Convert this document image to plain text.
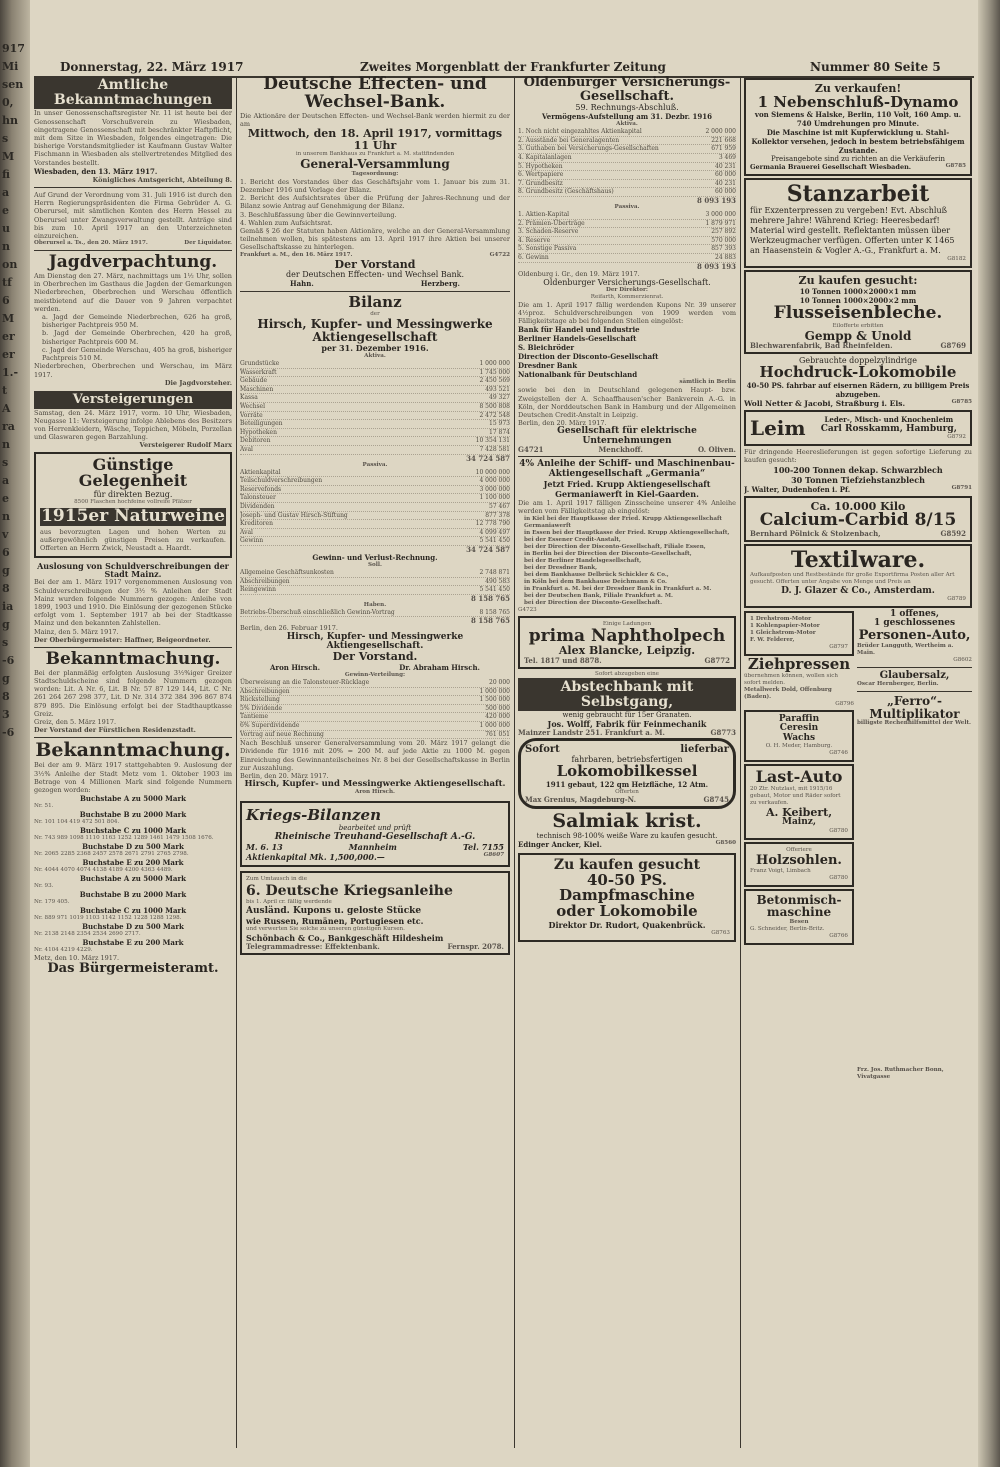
917
Mi
sen
0,
hn
s
M
fi
a
e
u
n
on
tf
6
M
er
er
1.-
t
A
ra
n
s
a
e
n
v
6
g
8
ia
g
s
-6
g
8
3
-6
Donnerstag, 22. März 1917	Zweites Morgenblatt der Frankfurter Zeitung	Nummer 80 Seite 5
Amtliche Bekanntmachungen
In unser Genossenschaftsregister Nr. 11 ist heute bei der Genossenschaft Vorschußverein zu Wiesbaden, eingetragene Genossenschaft mit beschränkter Haftpflicht, mit dem Sitze in Wiesbaden, folgendes eingetragen: Die bisherige Vorstandsmitglieder ist Kaufmann Gustav Walter Fischmann in Wiesbaden als stellvertretendes Mitglied des Vorstandes bestellt.
Wiesbaden, den 13. März 1917.
Königliches Amtsgericht, Abteilung 8.
Auf Grund der Verordnung vom 31. Juli 1916 ist durch den Herrn Regierungspräsidenten die Firma Gebrüder A. G. Oberursel, mit sämtlichen Konten des Herrn Hessel zu Oberursel unter Zwangsverwaltung gestellt. Anträge sind bis zum 10. April 1917 an den Unterzeichneten einzureichen.
Oberursel a. Ts., den 20. März 1917.	Der Liquidator.
Jagdverpachtung.
Am Dienstag den 27. März, nachmittags um 1½ Uhr, sollen in Oberbrechen im Gasthaus die Jagden der Gemarkungen Niederbrechen, Oberbrechen und Werschau öffentlich meistbietend auf die Dauer von 9 Jahren verpachtet werden.
a. Jagd der Gemeinde Niederbrechen, 626 ha groß, bisheriger Pachtpreis 950 M.
b. Jagd der Gemeinde Oberbrechen, 420 ha groß, bisheriger Pachtpreis 600 M.
c. Jagd der Gemeinde Werschau, 405 ha groß, bisheriger Pachtpreis 510 M.
Niederbrechen, Oberbrechen und Werschau, im März 1917.
Die Jagdvorsteher.
Versteigerungen
Samstag, den 24. März 1917, vorm. 10 Uhr, Wiesbaden, Neugasse 11: Versteigerung infolge Ablebens des Besitzers von Herrenkleidern, Wäsche, Teppichen, Möbeln, Porzellan und Glaswaren gegen Barzahlung.
Versteigerer Rudolf Marx
Günstige Gelegenheit
für direkten Bezug.
8500 Flaschen hochfeine vollreife Pfälzer
1915er Naturweine
aus bevorzugten Lagen und hohen Werten zu außergewöhnlich günstigen Preisen zu verkaufen. Offerten an Herrn Zwick, Neustadt a. Haardt.
Auslosung von Schuldverschreibungen der Stadt Mainz.
Bei der am 1. März 1917 vorgenommenen Auslosung von Schuldverschreibungen der 3½ % Anleihen der Stadt Mainz wurden folgende Nummern gezogen: Anleihe von 1899, 1903 und 1910. Die Einlösung der gezogenen Stücke erfolgt vom 1. September 1917 ab bei der Stadtkasse Mainz und den bekannten Zahlstellen.
Mainz, den 5. März 1917.
Der Oberbürgermeister: Haffner, Beigeordneter.
Bekanntmachung.
Bei der planmäßig erfolgten Auslosung 3½%iger Greizer Stadtschuldscheine sind folgende Nummern gezogen worden: Lit. A Nr. 6, Lit. B Nr. 57 87 129 144, Lit. C Nr. 261 264 267 298 377, Lit. D Nr. 314 372 384 396 867 874 879 895. Die Einlösung erfolgt bei der Stadthauptkasse Greiz.
Greiz, den 5. März 1917.
Der Vorstand der Fürstlichen Residenzstadt.
Bekanntmachung.
Bei der am 9. März 1917 stattgehabten 9. Auslosung der 3½% Anleihe der Stadt Metz vom 1. Oktober 1903 im Betrage von 4 Millionen Mark sind folgende Nummern gezogen worden:
Buchstabe A zu 5000 Mark
Nr. 51.
Buchstabe B zu 2000 Mark
Nr. 101 104 419 472 501 804.
Buchstabe C zu 1000 Mark
Nr. 743 989 1098 1110 1163 1252 1289 1461 1479 1508 1676.
Buchstabe D zu 500 Mark
Nr. 2065 2285 2368 2457 2578 2671 2791 2765 2798.
Buchstabe E zu 200 Mark
Nr. 4044 4070 4074 4138 4189 4200 4363 4489.
Buchstabe A zu 5000 Mark
Nr. 93.
Buchstabe B zu 2000 Mark
Nr. 179 405.
Buchstabe C zu 1000 Mark
Nr. 889 971 1019 1103 1142 1152 1228 1288 1298.
Buchstabe D zu 500 Mark
Nr. 2138 2148 2354 2534 2690 2717.
Buchstabe E zu 200 Mark
Nr. 4104 4219 4229.
Metz, den 10. März 1917.
Das Bürgermeisteramt.
Deutsche Effecten- und Wechsel-Bank.
Die Aktionäre der Deutschen Effecten- und Wechsel-Bank werden hiermit zu der am
Mittwoch, den 18. April 1917, vormittags 11 Uhr
in unserem Bankhaus zu Frankfurt a. M. stattfindenden
General-Versammlung
Tagesordnung:
1. Bericht des Vorstandes über das Geschäftsjahr vom 1. Januar bis zum 31. Dezember 1916 und Vorlage der Bilanz.
2. Bericht des Aufsichtsrates über die Prüfung der Jahres-Rechnung und der Bilanz sowie Antrag auf Genehmigung der Bilanz.
3. Beschlußfassung über die Gewinnverteilung.
4. Wahlen zum Aufsichtsrat.
Gemäß § 26 der Statuten haben Aktionäre, welche an der General-Versammlung teilnehmen wollen, bis spätestens am 13. April 1917 ihre Aktien bei unserer Gesellschaftskasse zu hinterlegen.
Frankfurt a. M., den 16. März 1917.	G4722
Der Vorstand
der Deutschen Effecten- und Wechsel Bank.
Hahn.	Herzberg.
Bilanz
der
Hirsch, Kupfer- und Messingwerke Aktiengesellschaft
per 31. Dezember 1916.
Aktiva.
Grundstücke	1 000 000
Wasserkraft	1 745 000
Gebäude	2 450 569
Maschinen	493 521
Kassa	49 327
Wechsel	8 500 808
Vorräte	2 472 548
Beteiligungen	15 973
Hypotheken	17 874
Debitoren	10 354 131
Aval	7 428 581
34 724 587
Passiva.
Aktienkapital	10 000 000
Teilschuldverschreibungen	4 000 000
Reservefonds	3 000 000
Talonsteuer	1 100 000
Dividenden	57 467
Joseph- und Gustav Hirsch-Stiftung	877 378
Kreditoren	12 778 790
Aval	4 099 497
Gewinn	5 541 450
34 724 587
Gewinn- und Verlust-Rechnung.
Soll.
Allgemeine Geschäftsunkosten	2 748 871
Abschreibungen	490 583
Reingewinn	5 541 450
8 158 765
Haben.
Betriebs-Überschuß einschließlich Gewinn-Vortrag	8 158 765
8 158 765
Berlin, den 26. Februar 1917.
Hirsch, Kupfer- und Messingwerke Aktiengesellschaft.
Der Vorstand.
Aron Hirsch.	Dr. Abraham Hirsch.
Gewinn-Verteilung:
Überweisung an die Talonsteuer-Rücklage	20 000
Abschreibungen	1 000 000
Rückstellung	1 500 000
5% Dividende	500 000
Tantieme	420 000
6% Superdividende	1 000 000
Vortrag auf neue Rechnung	761 051
Nach Beschluß unserer Generalversammlung vom 20. März 1917 gelangt die Dividende für 1916 mit 20% = 200 M. auf jede Aktie zu 1000 M. gegen Einreichung des Gewinnanteilscheines Nr. 8 bei der Gesellschaftskasse in Berlin zur Auszahlung.
Berlin, den 20. März 1917.
Hirsch, Kupfer- und Messingwerke Aktiengesellschaft.
Aron Hirsch.
Kriegs-Bilanzen
bearbeitet und prüft
Rheinische Treuhand-Gesellschaft A.-G.
M. 6. 13	Mannheim	Tel. 7155
Aktienkapital Mk. 1,500,000.—	G8607
Zum Umtausch in die
6. Deutsche Kriegsanleihe
bis 1. April cr. fällig werdende
Ausländ. Kupons u. geloste Stücke
wie Russen, Rumänen, Portugiesen etc.
und verwerten Sie solche zu unseren günstigen Kursen.
Schönbach & Co., Bankgeschäft Hildesheim
Telegrammadresse: Effektenbank.	Fernspr. 2078.
Oldenburger Versicherungs-Gesellschaft.
59. Rechnungs-Abschluß.
Vermögens-Aufstellung am 31. Dezbr. 1916
Aktiva.
1. Noch nicht eingezahltes Aktienkapital	2 000 000
2. Ausstände bei Generalagenten	221 668
3. Guthaben bei Versicherungs-Gesellschaften	671 959
4. Kapitalanlagen	3 469
5. Hypotheken	40 231
6. Wertpapiere	60 000
7. Grundbesitz	40 231
8. Grundbesitz (Geschäftshaus)	60 000
8 093 193
Passiva.
1. Aktien-Kapital	3 000 000
2. Prämien-Überträge	1 879 971
3. Schaden-Reserve	257 892
4. Reserve	570 000
5. Sonstige Passiva	857 393
6. Gewinn	24 883
8 093 193
Oldenburg i. Gr., den 19. März 1917.
Oldenburger Versicherungs-Gesellschaft.
Der Direktor:
Reifarth, Kommerzienrat.
Die am 1. April 1917 fällig werdenden Kupons Nr. 39 unserer 4½proz. Schuldverschreibungen von 1909 werden vom Fälligkeitstage ab bei folgenden Stellen eingelöst:
Bank für Handel und Industrie
Berliner Handels-Gesellschaft
S. Bleichröder
Direction der Disconto-Gesellschaft
Dresdner Bank
Nationalbank für Deutschland
sämtlich in Berlin
sowie bei den in Deutschland gelegenen Haupt- bzw. Zweigstellen der A. Schaaffhausen'scher Bankverein A.-G. in Köln, der Norddeutschen Bank in Hamburg und der Allgemeinen Deutschen Credit-Anstalt in Leipzig.
Berlin, den 20. März 1917.
Gesellschaft für elektrische Unternehmungen
G4721	Menckhoff.	O. Oliven.
4% Anleihe der Schiff- und Maschinenbau-Aktiengesellschaft „Germania“
Jetzt Fried. Krupp Aktiengesellschaft
Germaniawerft in Kiel-Gaarden.
Die am 1. April 1917 fälligen Zinsscheine unserer 4% Anleihe werden vom Fälligkeitstag ab eingelöst:
in Kiel bei der Hauptkasse der Fried. Krupp Aktiengesellschaft Germaniawerft
in Essen bei der Hauptkasse der Fried. Krupp Aktiengesellschaft,
bei der Essener Credit-Anstalt,
bei der Direction der Disconto-Gesellschaft, Filiale Essen,
in Berlin bei der Direction der Disconto-Gesellschaft,
bei der Berliner Handelsgesellschaft,
bei der Dresdner Bank,
bei dem Bankhause Delbrück Schickler & Co.,
in Köln bei dem Bankhause Deichmann & Co.
in Frankfurt a. M. bei der Dresdner Bank in Frankfurt a. M.
bei der Deutschen Bank, Filiale Frankfurt a. M.
bei der Direction der Disconto-Gesellschaft.
G4723
Einige Ladungen
prima Naphtholpech
Alex Blancke, Leipzig.
Tel. 1817 und 8878.	G8772
Sofort abzugeben eine
Abstechbank mit Selbstgang,
wenig gebraucht für 15er Granaten.
Jos. Wolff, Fabrik für Feinmechanik
Mainzer Landstr 251. Frankfurt a. M.	G8773
Sofort	lieferbar
fahrbaren, betriebsfertigen
Lokomobilkessel
1911 gebaut, 122 qm Heizfläche, 12 Atm.
Offerten
Max Grenius, Magdeburg-N.	G8745
Salmiak krist.
technisch 98-100% weiße Ware zu kaufen gesucht.
Edinger Ancker, Kiel.	G8560
Zu kaufen gesucht
40-50 PS. Dampfmaschine
oder Lokomobile
Direktor Dr. Rudort, Quakenbrück.
G8763
Zu verkaufen!
1 Nebenschluß-Dynamo
von Siemens & Halske, Berlin, 110 Volt, 160 Amp. u. 740 Umdrehungen pro Minute.
Die Maschine ist mit Kupferwicklung u. Stahl-Kollektor versehen, jedoch in bestem betriebsfähigem Zustande.
Preisangebote sind zu richten an die Verkäuferin
Germania Brauerei Gesellschaft Wiesbaden.	G8785
Stanzarbeit
für Exzenterpressen zu vergeben! Evt. Abschluß mehrere Jahre! Während Krieg: Heeresbedarf! Material wird gestellt. Reflektanten müssen über Werkzeugmacher verfügen. Offerten unter K 1465 an Haasenstein & Vogler A.-G., Frankfurt a. M.
G8182
Zu kaufen gesucht:
10 Tonnen 1000×2000×1 mm
10 Tonnen 1000×2000×2 mm
Flusseisenbleche.
Eilofferte erbitten
Gempp & Unold
Blechwarenfabrik, Bad Rheinfelden.	G8769
Gebrauchte doppelzylindrige
Hochdruck-Lokomobile
40-50 PS. fahrbar auf eisernen Rädern, zu billigem Preis abzugeben.
Woll Netter & Jacobi, Straßburg i. Els.	G8785
Leim	Leder-, Misch- und Knochenleim
Carl Rosskamm, Hamburg,
G8792
Für dringende Heereslieferungen ist gegen sofortige Lieferung zu kaufen gesucht:
100-200 Tonnen dekap. Schwarzblech
30 Tonnen Tiefziehstanzblech
J. Walter, Dudenhofen i. Pf.	G8791
Ca. 10.000 Kilo
Calcium-Carbid 8/15
Bernhard Pölnick & Stolzenbach,	G8592
Textilware.
Aufkaufposten und Restbestände für große Exportfirma Posten aller Art gesucht. Offerten unter Angabe von Menge und Preis an
D. J. Glazer & Co., Amsterdam.
G8789
1 Drehstrom-Motor
1 Kohlenpapier-Motor
1 Gleichstrom-Motor
F. W. Felderer,
G8797
Ziehpressen
übernehmen können, wollen sich sofort melden.
Metallwerk Dold, Offenburg (Baden).
G8796
Paraffin
Ceresin
Wachs
O. H. Meder, Hamburg.
G8746
Last-Auto
20 Ztr. Nutzlast, mit 1915/16 gebaut, Motor und Räder sofort zu verkaufen.
A. Keibert,
Mainz,
G8780
Offeriere
Holzsohlen.
Franz Voigt, Limbach
G8780
Betonmisch-maschine
Besen
G. Schneider, Berlin-Britz.
G8766
1 offenes,
1 geschlossenes
Personen-Auto,
Brüder Langguth, Wertheim a. Main.
G8602
Glaubersalz,
Oscar Hernberger, Berlin.
„Ferro“-Multiplikator
billigste Rechenhilfsmittel der Welt.
Frz. Jos. Ruthmacher Bonn, Vivatgasse
